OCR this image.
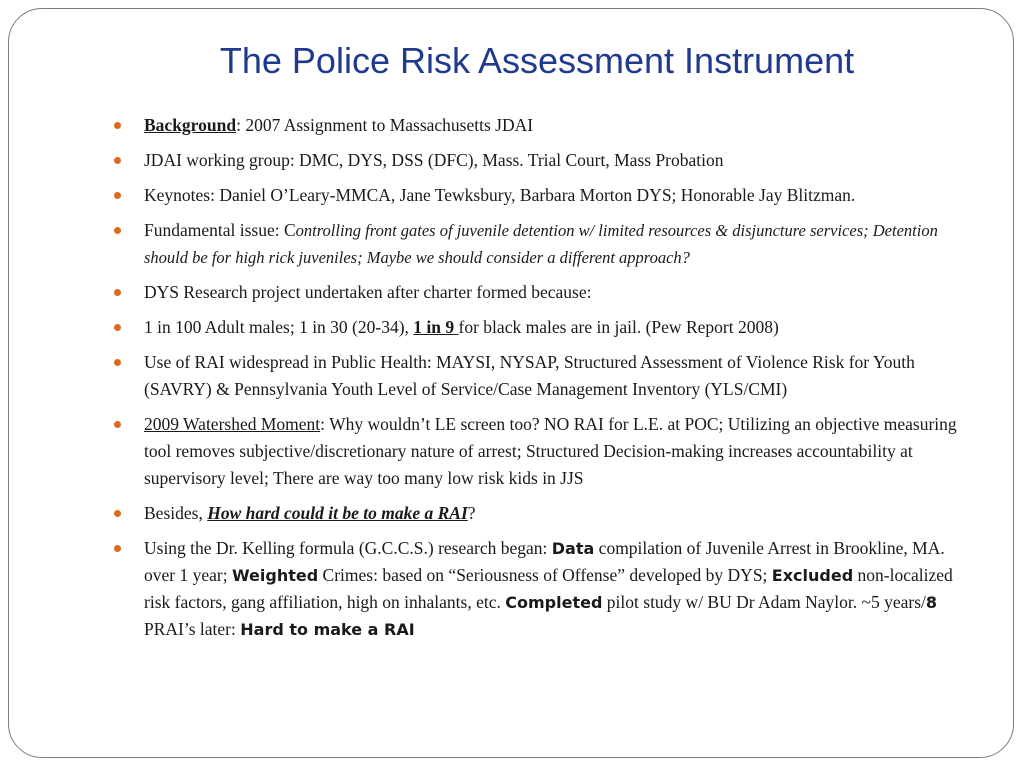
The Police Risk Assessment Instrument
Background: 2007 Assignment to Massachusetts JDAI
JDAI working group: DMC, DYS, DSS (DFC), Mass. Trial Court, Mass Probation
Keynotes: Daniel O’Leary-MMCA, Jane Tewksbury, Barbara Morton DYS; Honorable Jay Blitzman.
Fundamental issue: Controlling front gates of juvenile detention w/ limited resources & disjuncture services; Detention should be for high rick juveniles; Maybe we should consider a different approach?
DYS Research project undertaken after charter formed because:
1 in 100 Adult males; 1 in 30 (20-34), 1 in 9 for black males are in jail. (Pew Report 2008)
Use of RAI widespread in Public Health: MAYSI, NYSAP, Structured Assessment of Violence Risk for Youth (SAVRY) & Pennsylvania Youth Level of Service/Case Management Inventory (YLS/CMI)
2009 Watershed Moment: Why wouldn’t LE screen too? NO RAI for L.E. at POC; Utilizing an objective measuring tool removes subjective/discretionary nature of arrest; Structured Decision-making increases accountability at supervisory level; There are way too many low risk kids in JJS
Besides, How hard could it be to make a RAI?
Using the Dr. Kelling formula (G.C.C.S.) research began: Data compilation of Juvenile Arrest in Brookline, MA. over 1 year; Weighted Crimes: based on “Seriousness of Offense” developed by DYS; Excluded non-localized risk factors, gang affiliation, high on inhalants, etc. Completed pilot study w/ BU Dr Adam Naylor. ~5 years/8 PRAI’s later: Hard to make a RAI
